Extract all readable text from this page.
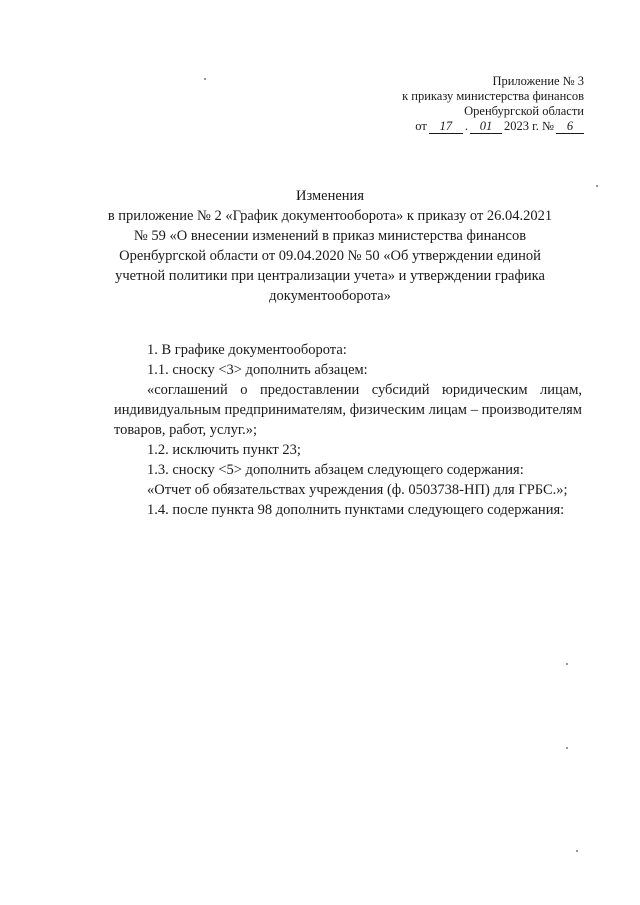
Приложение № 3
к приказу министерства финансов
Оренбургской области
от	17	. 01 2023 г. №	6
Изменения
в приложение № 2 «График документооборота» к приказу от 26.04.2021 № 59 «О внесении изменений в приказ министерства финансов Оренбургской области от 09.04.2020 № 50 «Об утверждении единой учетной политики при централизации учета» и утверждении графика документооборота»

1. В графике документооборота:

1.1. сноску <3> дополнить абзацем:

«соглашений о предоставлении субсидий юридическим лицам, индивидуальным предпринимателям, физическим лицам – производителям товаров, работ, услуг.»;

1.2. исключить пункт 23;

1.3. сноску <5> дополнить абзацем следующего содержания:

«Отчет об обязательствах учреждения (ф. 0503738-НП) для ГРБС.»;

1.4. после пункта 98 дополнить пунктами следующего содержания:
